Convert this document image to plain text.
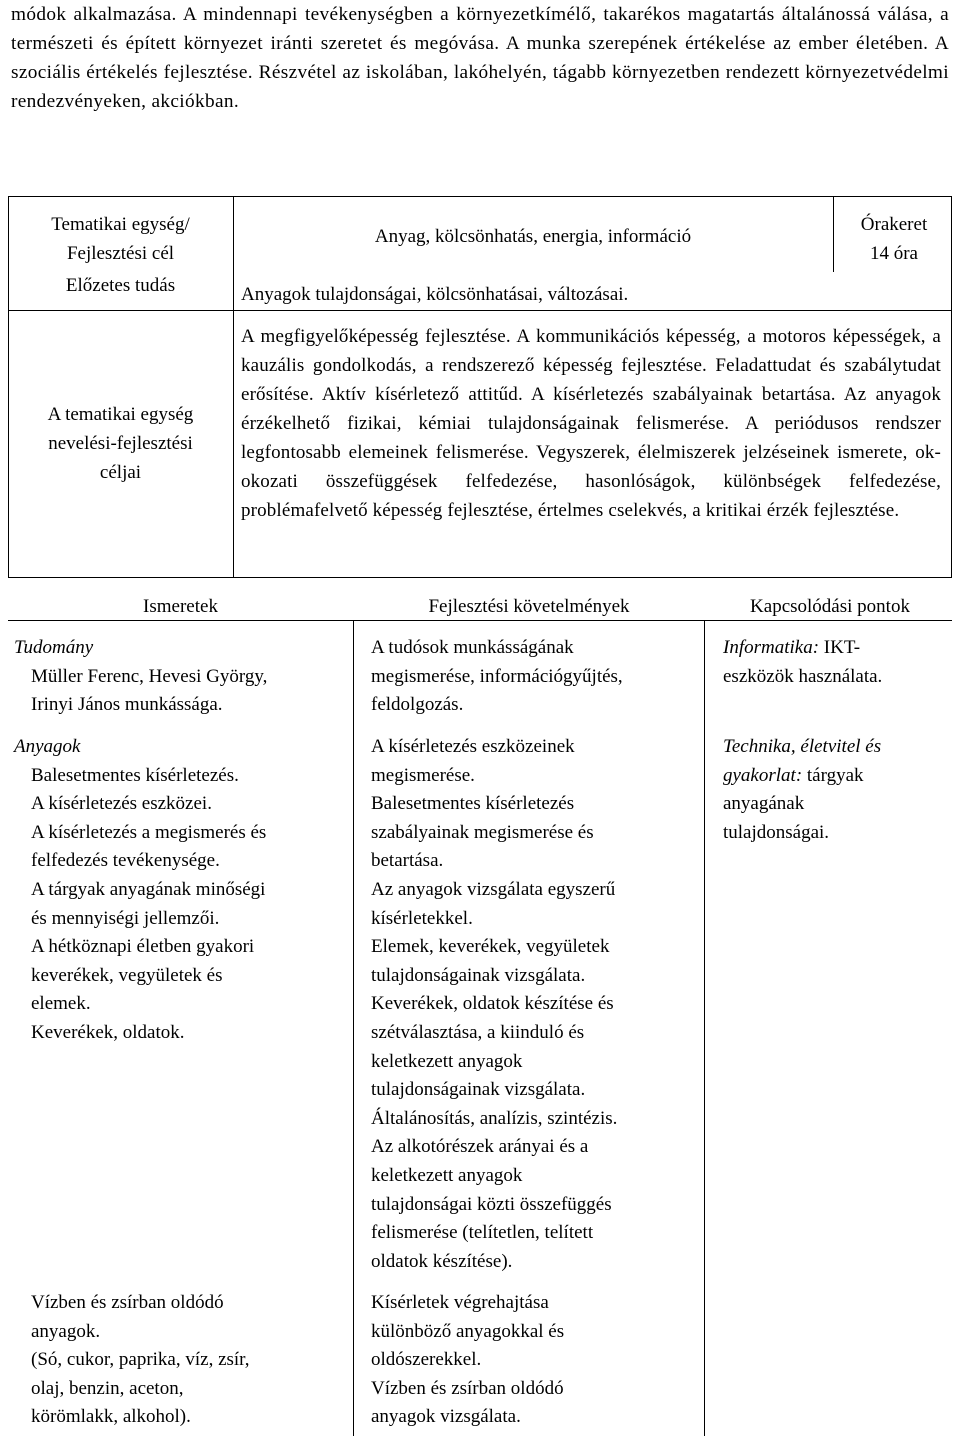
módok alkalmazása. A mindennapi tevékenységben a környezetkímélő, takarékos magatartás általánossá válása, a természeti és épített környezet iránti szeretet és megóvása. A munka szerepének értékelése az ember életében. A szociális értékelés fejlesztése. Részvétel az iskolában, lakóhelyén, tágabb környezetben rendezett környezetvédelmi rendezvényeken, akciókban.

Tematikai egység/
Fejlesztési cél
Előzetes tudás
A tematikai egység
nevelési-fejlesztési
céljai
Anyag, kölcsönhatás, energia, információ
Órakeret
14 óra
Anyagok tulajdonságai, kölcsönhatásai, változásai.
A megfigyelőképesség fejlesztése. A kommunikációs képesség, a motoros képességek, a kauzális gondolkodás, a rendszerező képesség fejlesztése. Feladattudat és szabálytudat erősítése. Aktív kísérletező attitűd. A kísérletezés szabályainak betartása. Az anyagok érzékelhető fizikai, kémiai tulajdonságainak felismerése. A periódusos rendszer legfontosabb elemeinek felismerése. Vegyszerek, élelmiszerek jelzéseinek ismerete, ok-okozati összefüggések felfedezése, hasonlóságok, különbségek felfedezése, problémafelvető képesség fejlesztése, értelmes cselekvés, a kritikai érzék fejlesztése.
Ismeretek	Fejlesztési követelmények	Kapcsolódási pontok

Tudomány

Müller Ferenc, Hevesi György,

Irinyi János munkássága.

A tudósok munkásságának

megismerése, információgyűjtés,

feldolgozás.

Informatika: IKT-

eszközök használata.

Anyagok

Balesetmentes kísérletezés.

A kísérletezés eszközei.

A kísérletezés a megismerés és

felfedezés tevékenysége.

A tárgyak anyagának minőségi

és mennyiségi jellemzői.

A hétköznapi életben gyakori

keverékek, vegyületek és

elemek.

Keverékek, oldatok.

A kísérletezés eszközeinek

megismerése.

Balesetmentes kísérletezés

szabályainak megismerése és

betartása.

Az anyagok vizsgálata egyszerű

kísérletekkel.

Elemek, keverékek, vegyületek

tulajdonságainak vizsgálata.

Keverékek, oldatok készítése és

szétválasztása, a kiinduló és

keletkezett anyagok

tulajdonságainak vizsgálata.

Általánosítás, analízis, szintézis.

Az alkotórészek arányai és a

keletkezett anyagok

tulajdonságai közti összefüggés

felismerése (telítetlen, telített

oldatok készítése).

Technika, életvitel és

gyakorlat: tárgyak

anyagának

tulajdonságai.

Vízben és zsírban oldódó

anyagok.

(Só, cukor, paprika, víz, zsír,

olaj, benzin, aceton,

körömlakk, alkohol).

Kísérletek végrehajtása

különböző anyagokkal és

oldószerekkel.

Vízben és zsírban oldódó

anyagok vizsgálata.
